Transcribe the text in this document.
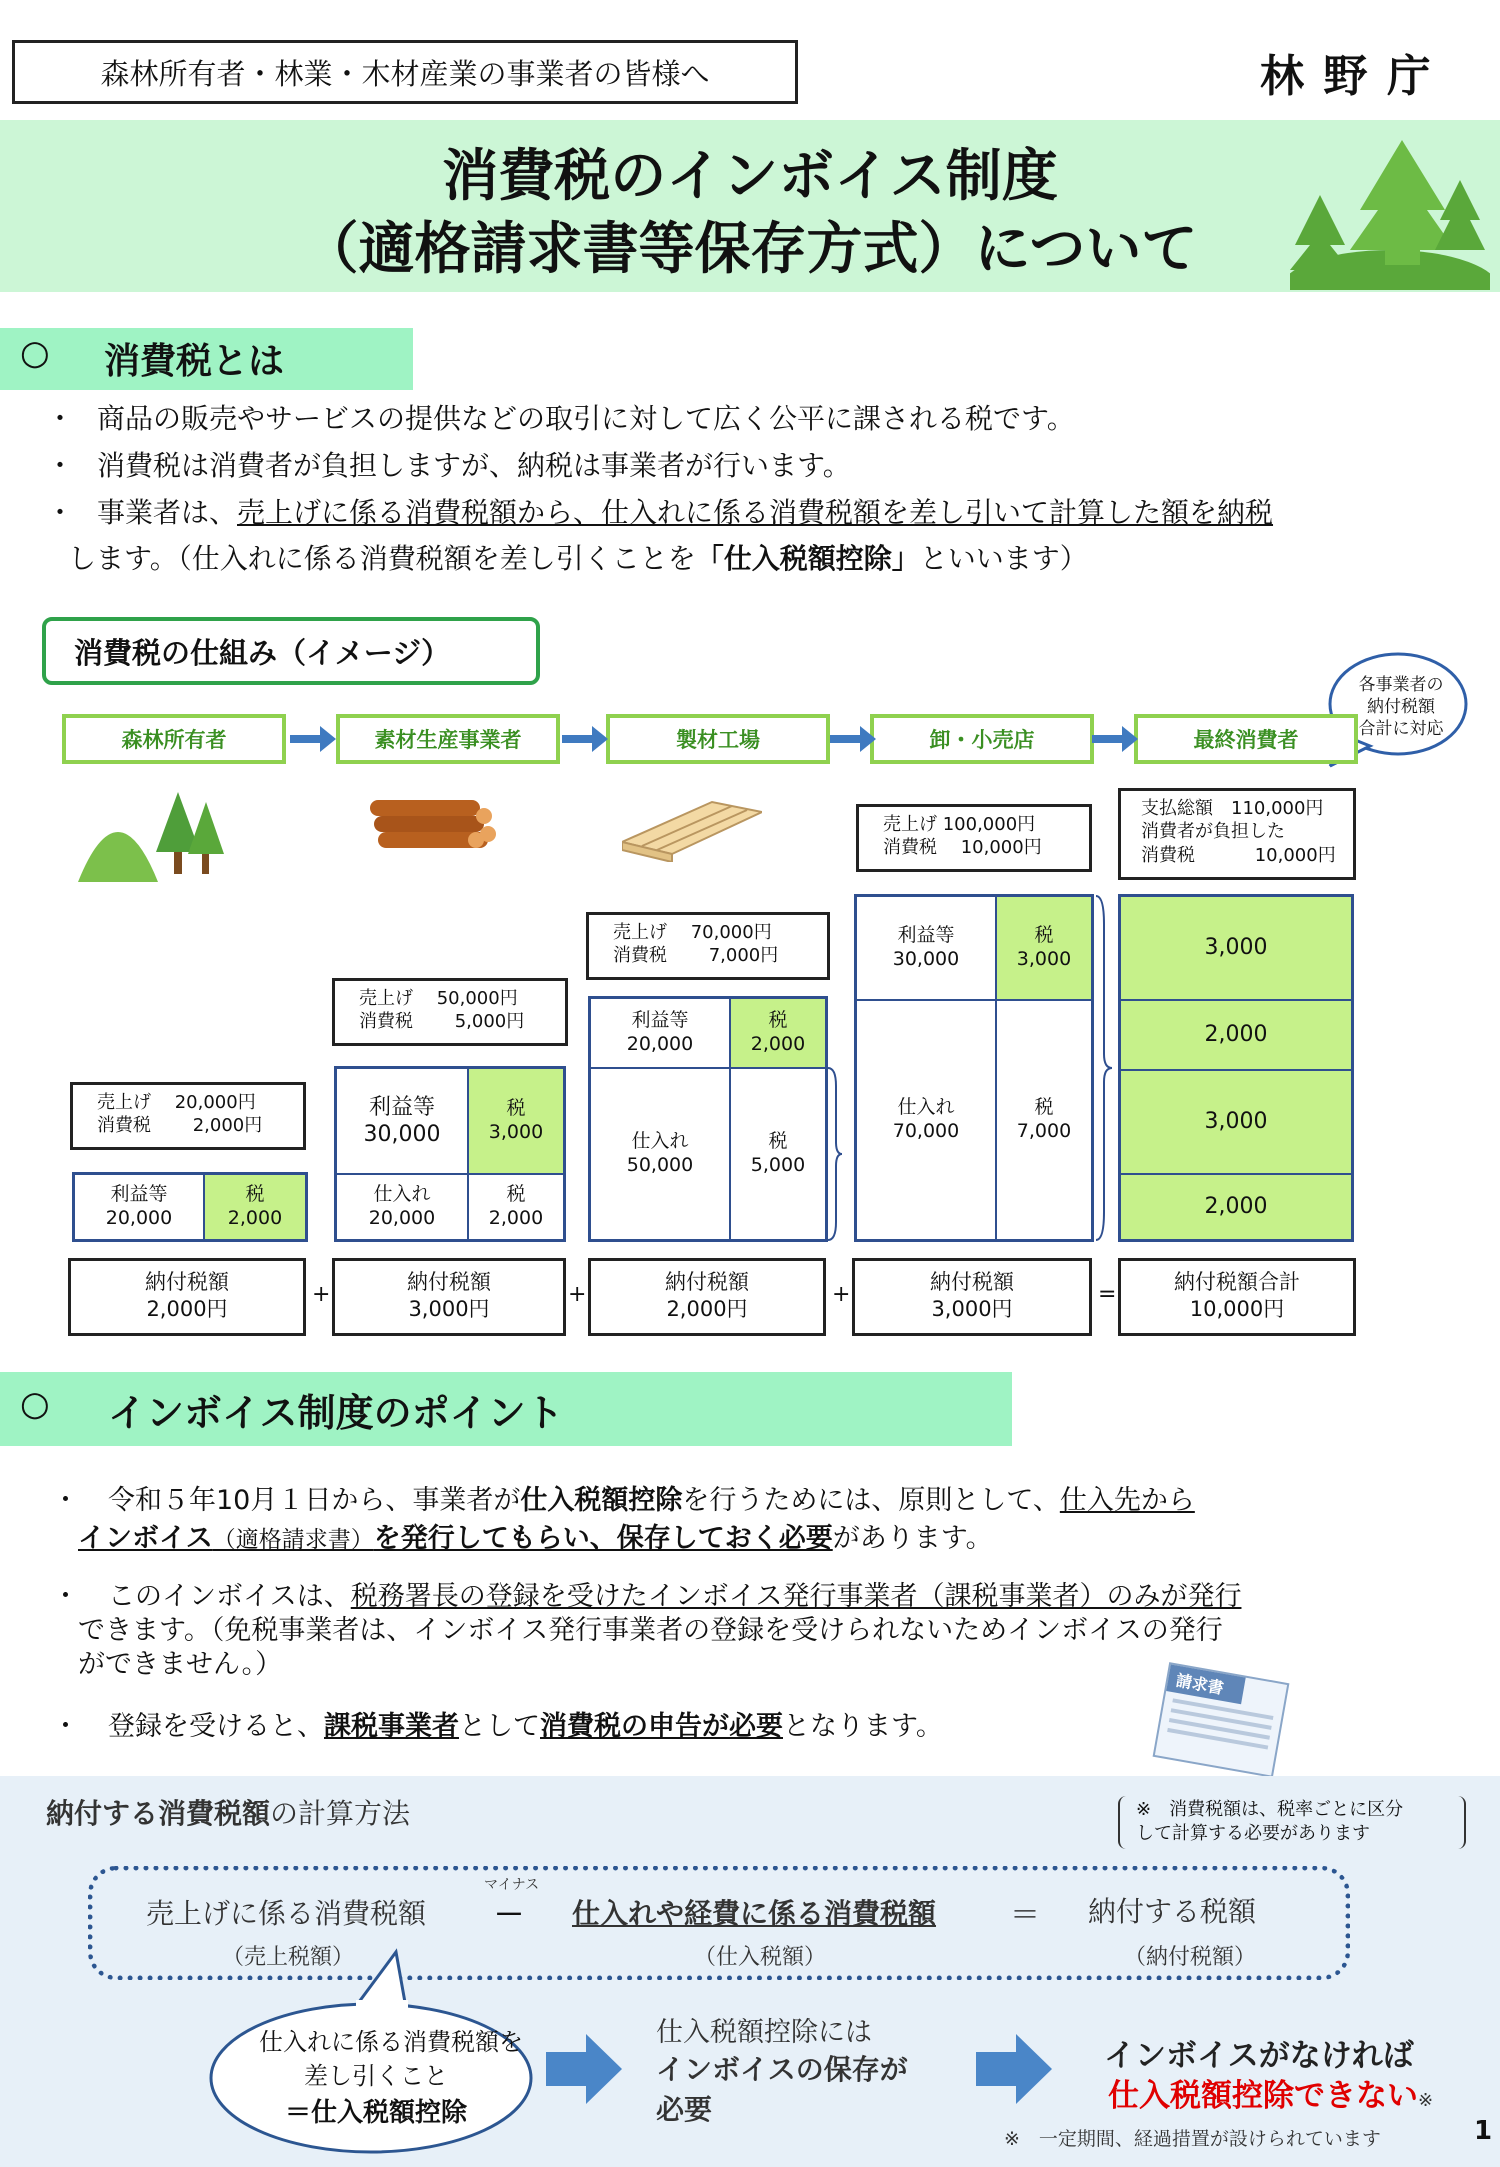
森林所有者・林業・木材産業の事業者の皆様へ	林 野 庁
消費税のインボイス制度
（適格請求書等保存方式）について
○ 消費税とは
・ 商品の販売やサービスの提供などの取引に対して広く公平に課される税です。
・ 消費税は消費者が負担しますが、納税は事業者が行います。
・ 事業者は、売上げに係る消費税額から、仕入れに係る消費税額を差し引いて計算した額を納税
します。（仕入れに係る消費税額を差し引くことを「仕入税額控除」といいます）
消費税の仕組み（イメージ）
各事業者の
納付税額
合計に対応
森林所有者	素材生産事業者	製材工場	卸・小売店	最終消費者
売上げ　 20,000円
消費税　　 2,000円
売上げ　 50,000円
消費税　　 5,000円
売上げ　 70,000円
消費税　　 7,000円
売上げ 100,000円
消費税　 10,000円
支払総額　110,000円
消費者が負担した
消費税　　　 10,000円
利益等
20,000
税
2,000
利益等
30,000
税
3,000
仕入れ
20,000
税
2,000
利益等
20,000
税
2,000
仕入れ
50,000
税
5,000
利益等
30,000
税
3,000
仕入れ
70,000
税
7,000
3,000
2,000
3,000
2,000
納付税額
2,000円
+	納付税額
3,000円
+	納付税額
2,000円
+	納付税額
3,000円
=	納付税額合計
10,000円
○ インボイス制度のポイント
・ 令和５年10月１日から、事業者が仕入税額控除を行うためには、原則として、仕入先から
インボイス（適格請求書）を発行してもらい、保存しておく必要があります。
・ このインボイスは、税務署長の登録を受けたインボイス発行事業者（課税事業者）のみが発行
できます。（免税事業者は、インボイス発行事業者の登録を受けられないためインボイスの発行
ができません。）
・ 登録を受けると、課税事業者として消費税の申告が必要となります。
請求書
納付する消費税額の計算方法	※　消費税額は、税率ごとに区分
して計算する必要があります
売上げに係る消費税額
（売上税額）
マイナス
－ 仕入れや経費に係る消費税額
（仕入税額）
＝ 納付する税額
（納付税額）
仕入れに係る消費税額を
差し引くこと
＝仕入税額控除
仕入税額控除には
インボイスの保存が
必要
インボイスがなければ
仕入税額控除できない※
※　一定期間、経過措置が設けられています	1
